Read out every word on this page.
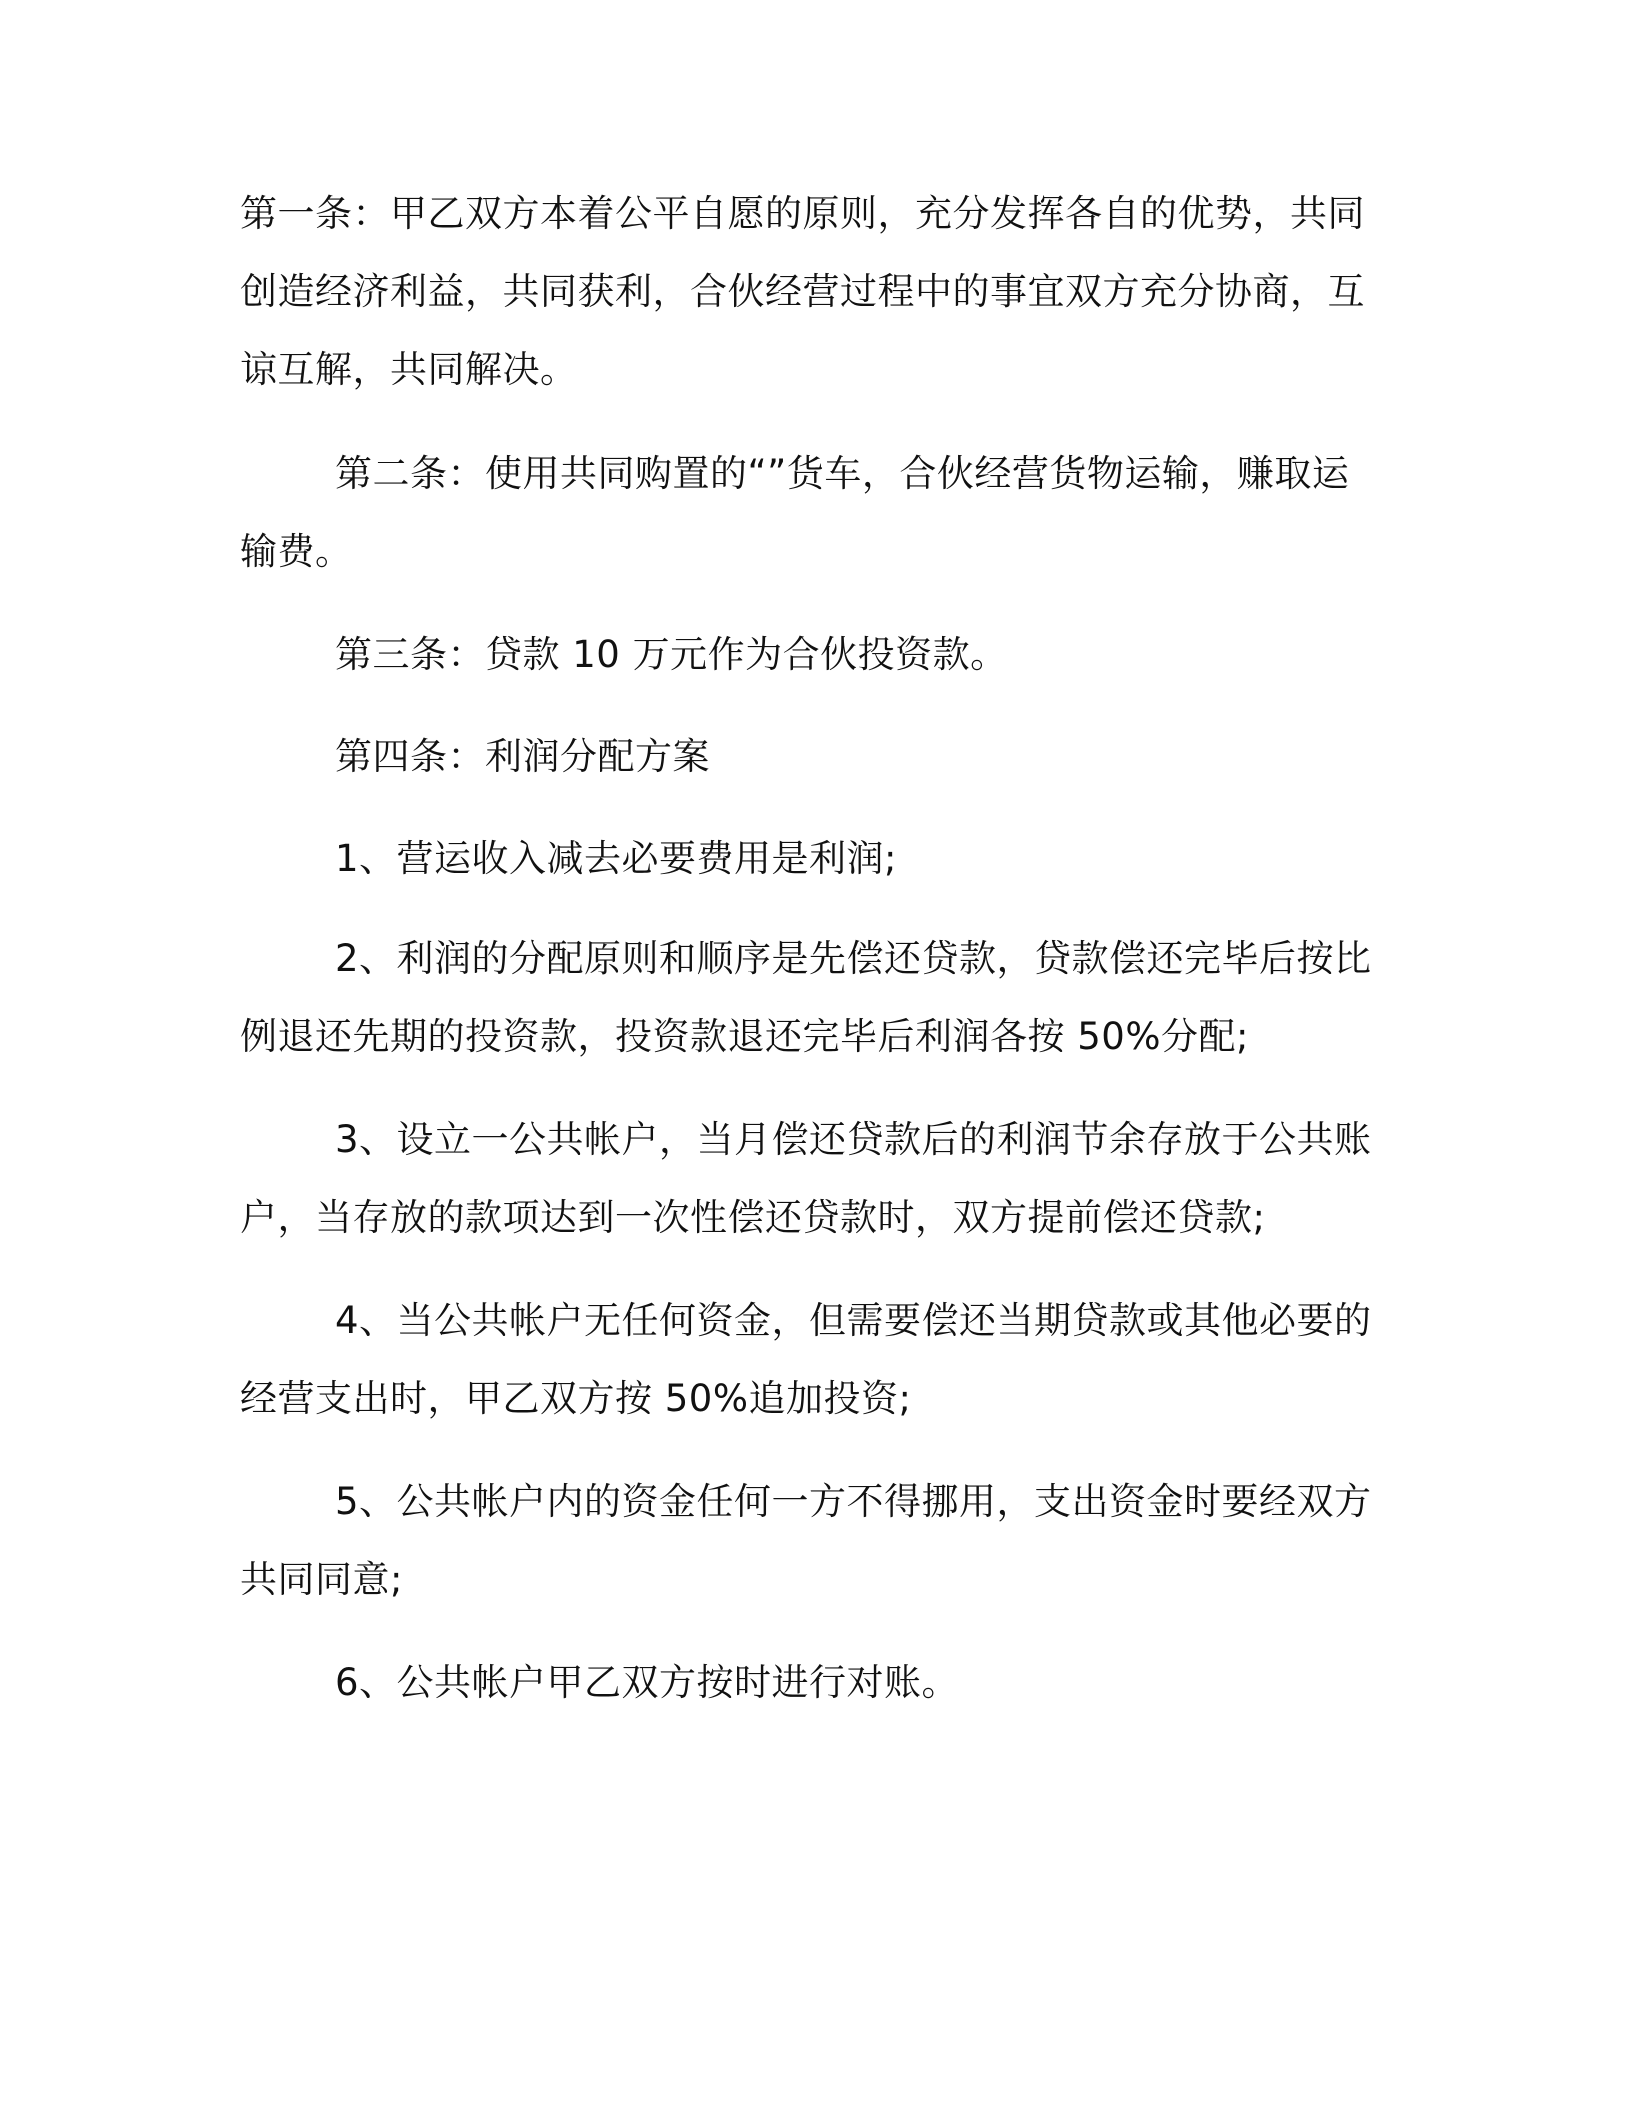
第一条：甲乙双方本着公平自愿的原则，充分发挥各自的优势，共同
创造经济利益，共同获利，合伙经营过程中的事宜双方充分协商，互
谅互解，共同解决。
第二条：使用共同购置的“”货车，合伙经营货物运输，赚取运
输费。
第三条：贷款 10 万元作为合伙投资款。
第四条：利润分配方案
1、营运收入减去必要费用是利润;
2、利润的分配原则和顺序是先偿还贷款，贷款偿还完毕后按比
例退还先期的投资款，投资款退还完毕后利润各按 50%分配;
3、设立一公共帐户，当月偿还贷款后的利润节余存放于公共账
户，当存放的款项达到一次性偿还贷款时，双方提前偿还贷款;
4、当公共帐户无任何资金，但需要偿还当期贷款或其他必要的
经营支出时，甲乙双方按 50%追加投资;
5、公共帐户内的资金任何一方不得挪用，支出资金时要经双方
共同同意;
6、公共帐户甲乙双方按时进行对账。
